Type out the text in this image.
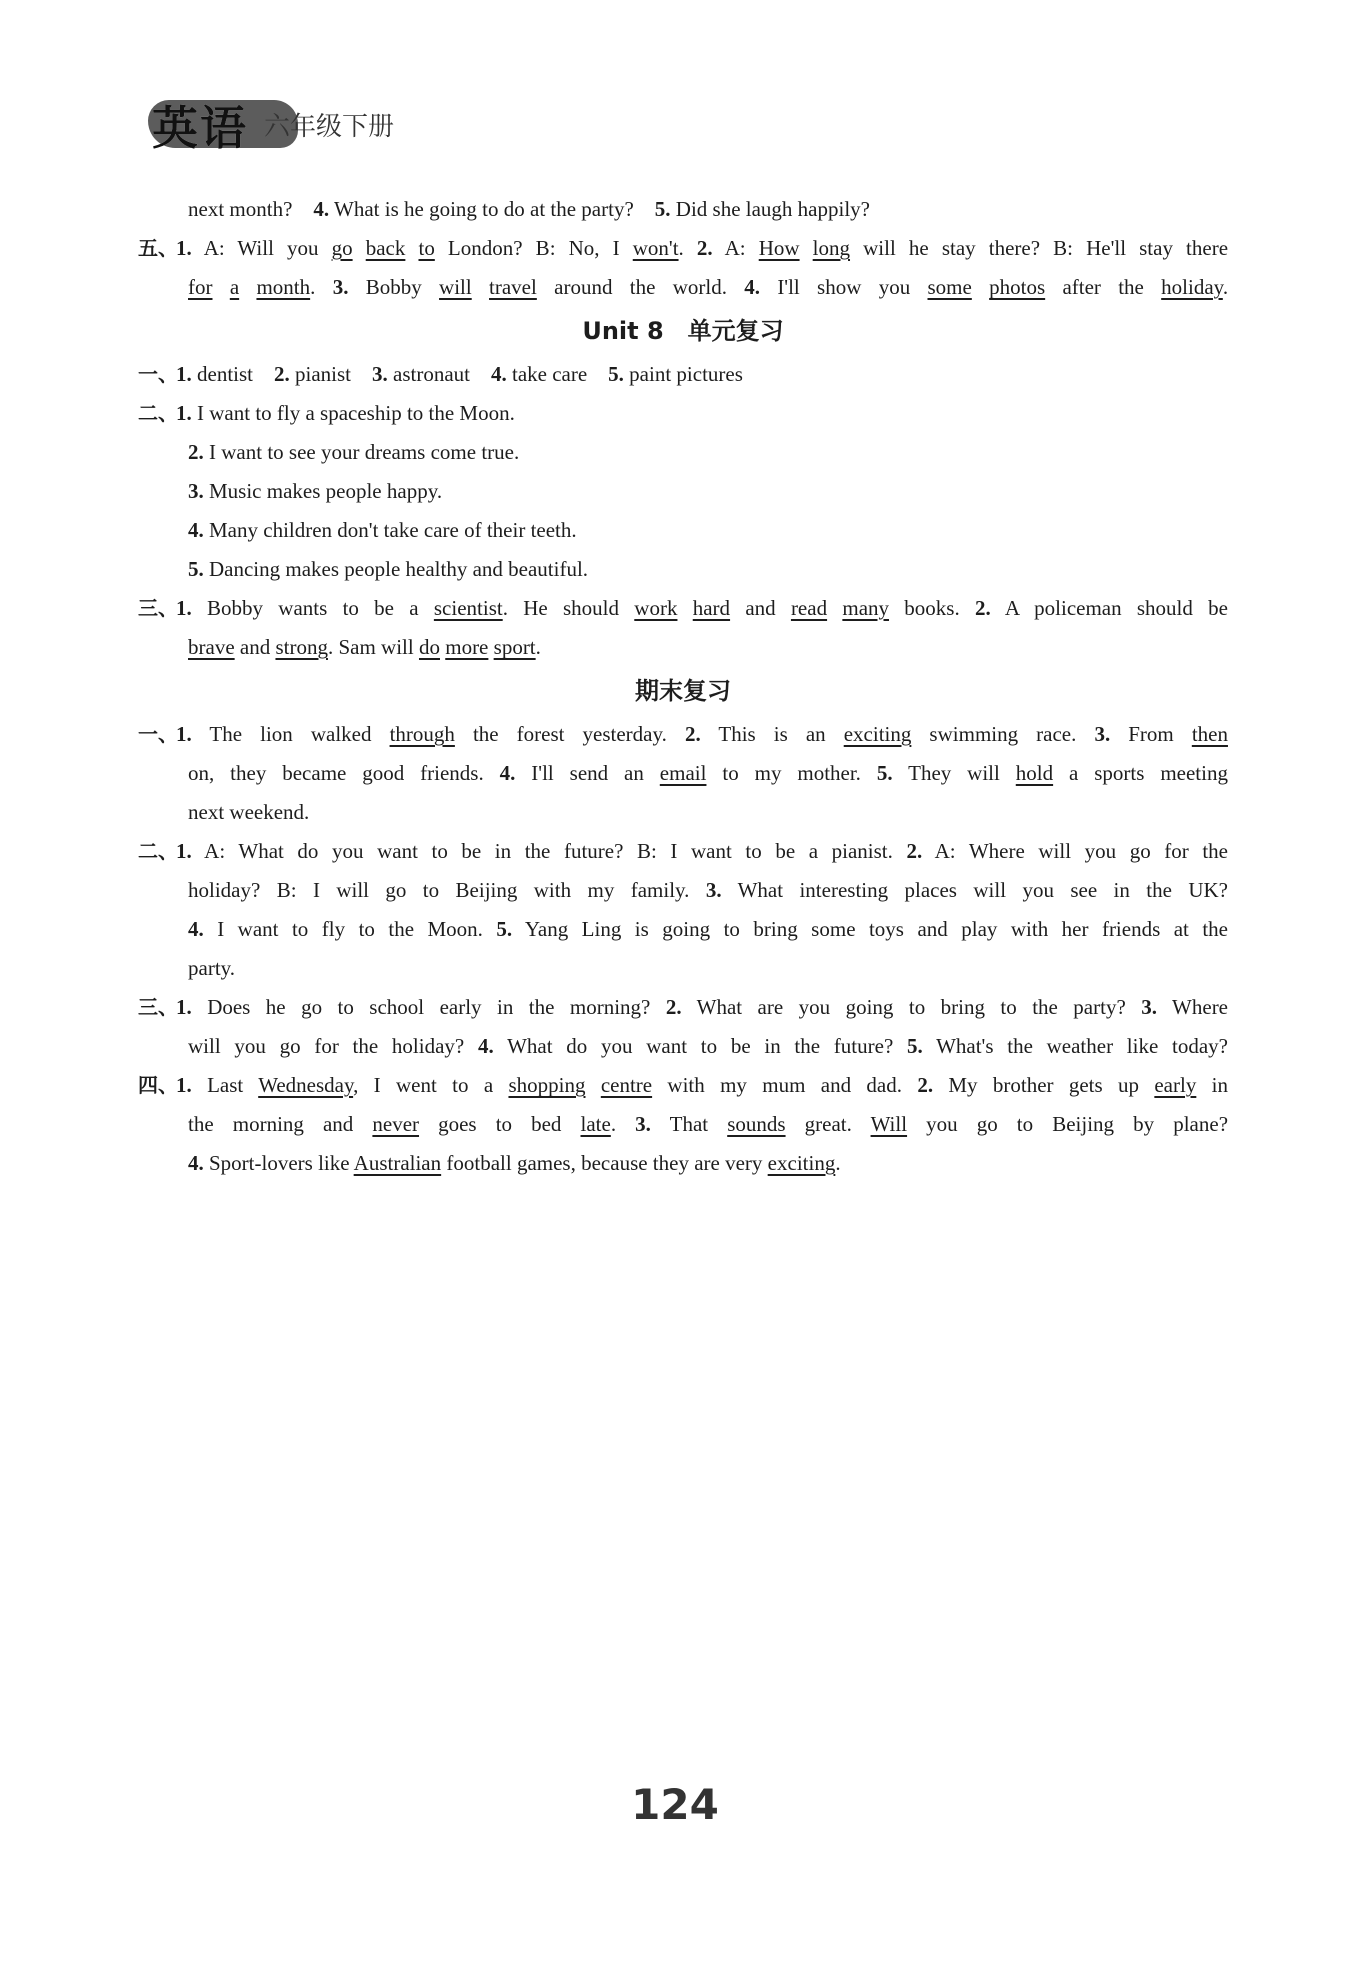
英语 六年级下册
next month?　4. What is he going to do at the party?　5. Did she laugh happily?
五、1. A: Will you go back to London? B: No, I won't. 2. A: How long will he stay there? B: He'll stay there
for a month. 3. Bobby will travel around the world. 4. I'll show you some photos after the holiday.
Unit 8　单元复习
一、1. dentist　2. pianist　3. astronaut　4. take care　5. paint pictures
二、1. I want to fly a spaceship to the Moon.
2. I want to see your dreams come true.
3. Music makes people happy.
4. Many children don't take care of their teeth.
5. Dancing makes people healthy and beautiful.
三、1. Bobby wants to be a scientist. He should work hard and read many books. 2. A policeman should be
brave and strong. Sam will do more sport.
期末复习
一、1. The lion walked through the forest yesterday. 2. This is an exciting swimming race. 3. From then
on, they became good friends. 4. I'll send an email to my mother. 5. They will hold a sports meeting
next weekend.
二、1. A: What do you want to be in the future? B: I want to be a pianist. 2. A: Where will you go for the
holiday? B: I will go to Beijing with my family. 3. What interesting places will you see in the UK?
4. I want to fly to the Moon. 5. Yang Ling is going to bring some toys and play with her friends at the
party.
三、1. Does he go to school early in the morning? 2. What are you going to bring to the party? 3. Where
will you go for the holiday? 4. What do you want to be in the future? 5. What's the weather like today?
四、1. Last Wednesday, I went to a shopping centre with my mum and dad. 2. My brother gets up early in
the morning and never goes to bed late. 3. That sounds great. Will you go to Beijing by plane?
4. Sport-lovers like Australian football games, because they are very exciting.
124
